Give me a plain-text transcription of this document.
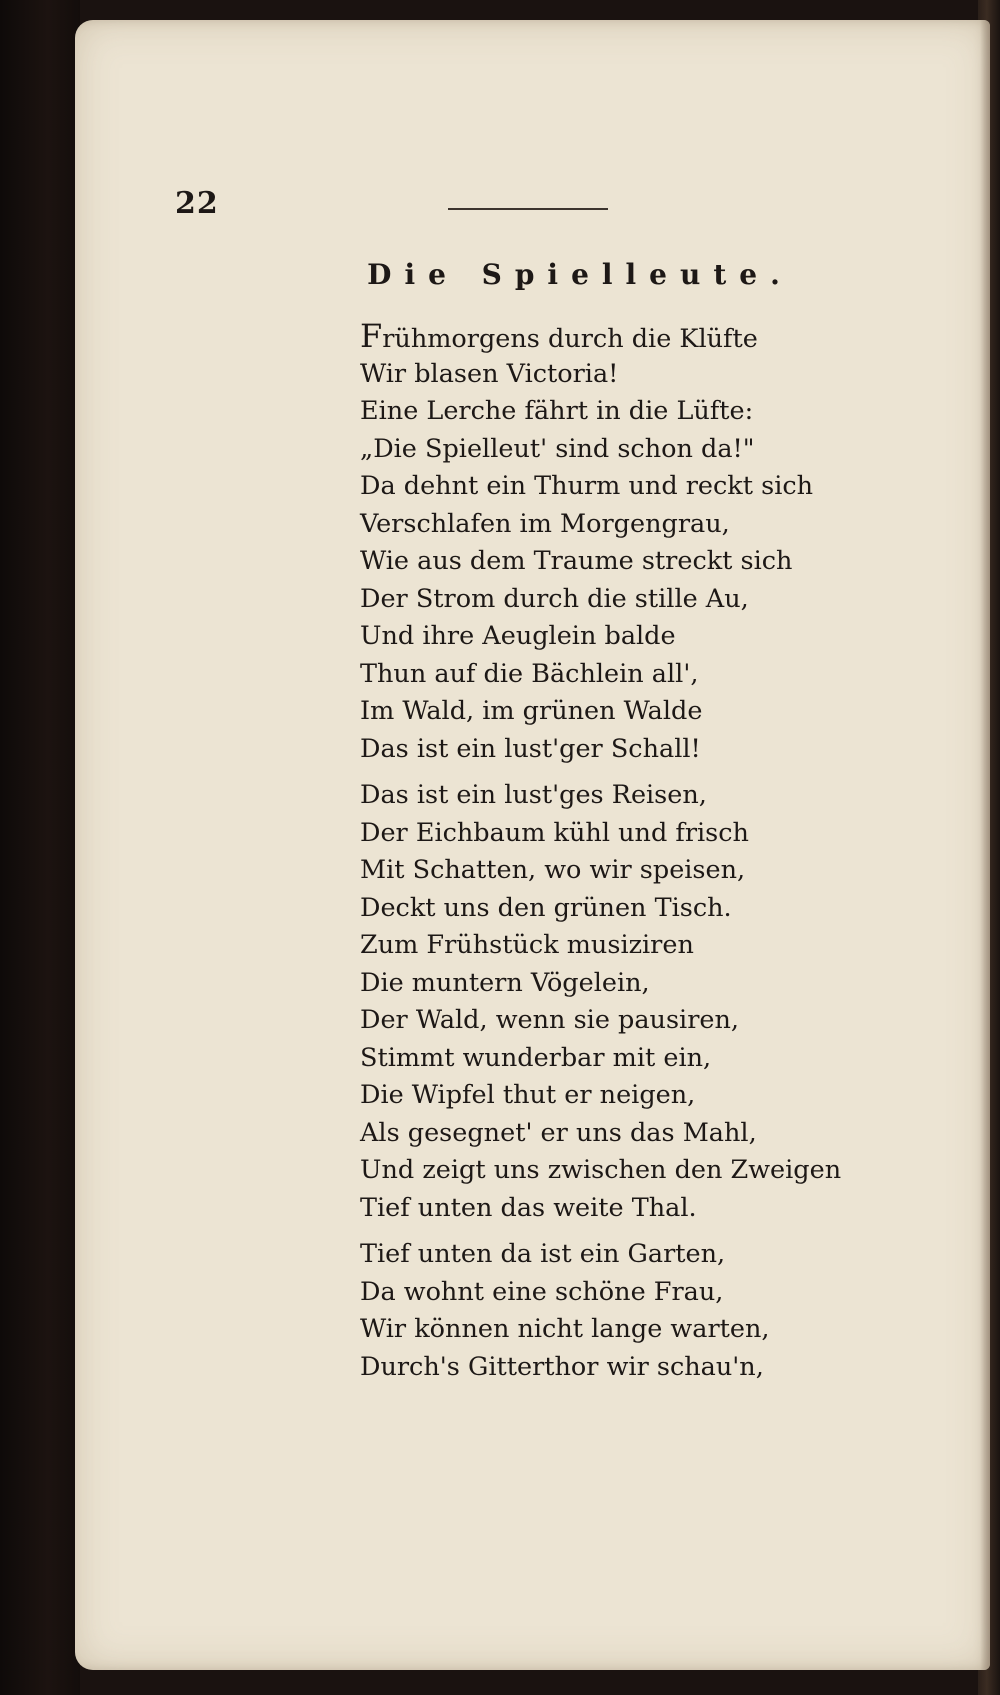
22
Die Spielleute.
Frühmorgens durch die Klüfte
Wir blasen Victoria!
Eine Lerche fährt in die Lüfte:
„Die Spielleut' sind schon da!"
Da dehnt ein Thurm und reckt sich
Verschlafen im Morgengrau,
Wie aus dem Traume streckt sich
Der Strom durch die stille Au,
Und ihre Aeuglein balde
Thun auf die Bächlein all',
Im Wald, im grünen Walde
Das ist ein lust'ger Schall!
Das ist ein lust'ges Reisen,
Der Eichbaum kühl und frisch
Mit Schatten, wo wir speisen,
Deckt uns den grünen Tisch.
Zum Frühstück musiziren
Die muntern Vögelein,
Der Wald, wenn sie pausiren,
Stimmt wunderbar mit ein,
Die Wipfel thut er neigen,
Als gesegnet' er uns das Mahl,
Und zeigt uns zwischen den Zweigen
Tief unten das weite Thal.
Tief unten da ist ein Garten,
Da wohnt eine schöne Frau,
Wir können nicht lange warten,
Durch's Gitterthor wir schau'n,
